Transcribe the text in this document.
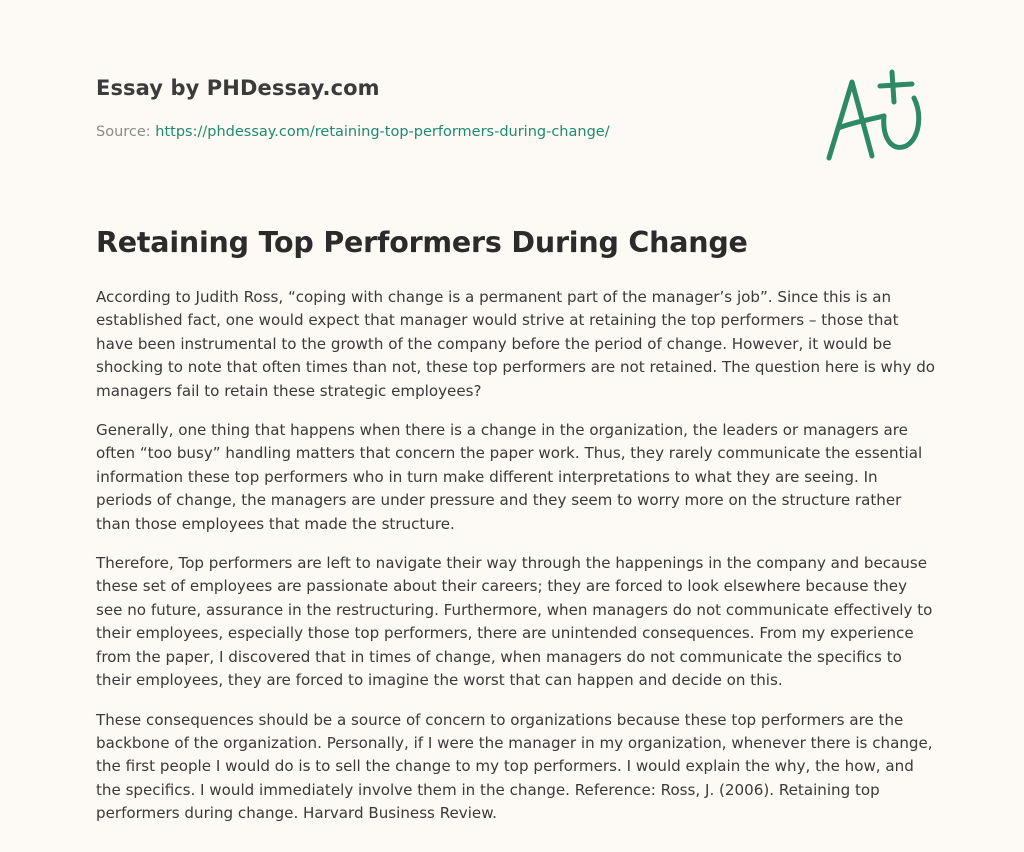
Essay by PHDessay.com
Source: https://phdessay.com/retaining-top-performers-during-change/
Retaining Top Performers During Change

According to Judith Ross, “coping with change is a permanent part of the manager’s job”. Since this is an established fact, one would expect that manager would strive at retaining the top performers – those that have been instrumental to the growth of the company before the period of change. However, it would be shocking to note that often times than not, these top performers are not retained. The question here is why do managers fail to retain these strategic employees?

Generally, one thing that happens when there is a change in the organization, the leaders or managers are often “too busy” handling matters that concern the paper work. Thus, they rarely communicate the essential information these top performers who in turn make different interpretations to what they are seeing. In periods of change, the managers are under pressure and they seem to worry more on the structure rather than those employees that made the structure.

Therefore, Top performers are left to navigate their way through the happenings in the company and because these set of employees are passionate about their careers; they are forced to look elsewhere because they see no future, assurance in the restructuring. Furthermore, when managers do not communicate effectively to their employees, especially those top performers, there are unintended consequences. From my experience from the paper, I discovered that in times of change, when managers do not communicate the specifics to their employees, they are forced to imagine the worst that can happen and decide on this.

These consequences should be a source of concern to organizations because these top performers are the backbone of the organization. Personally, if I were the manager in my organization, whenever there is change, the first people I would do is to sell the change to my top performers. I would explain the why, the how, and the specifics. I would immediately involve them in the change. Reference: Ross, J. (2006). Retaining top performers during change. Harvard Business Review.
